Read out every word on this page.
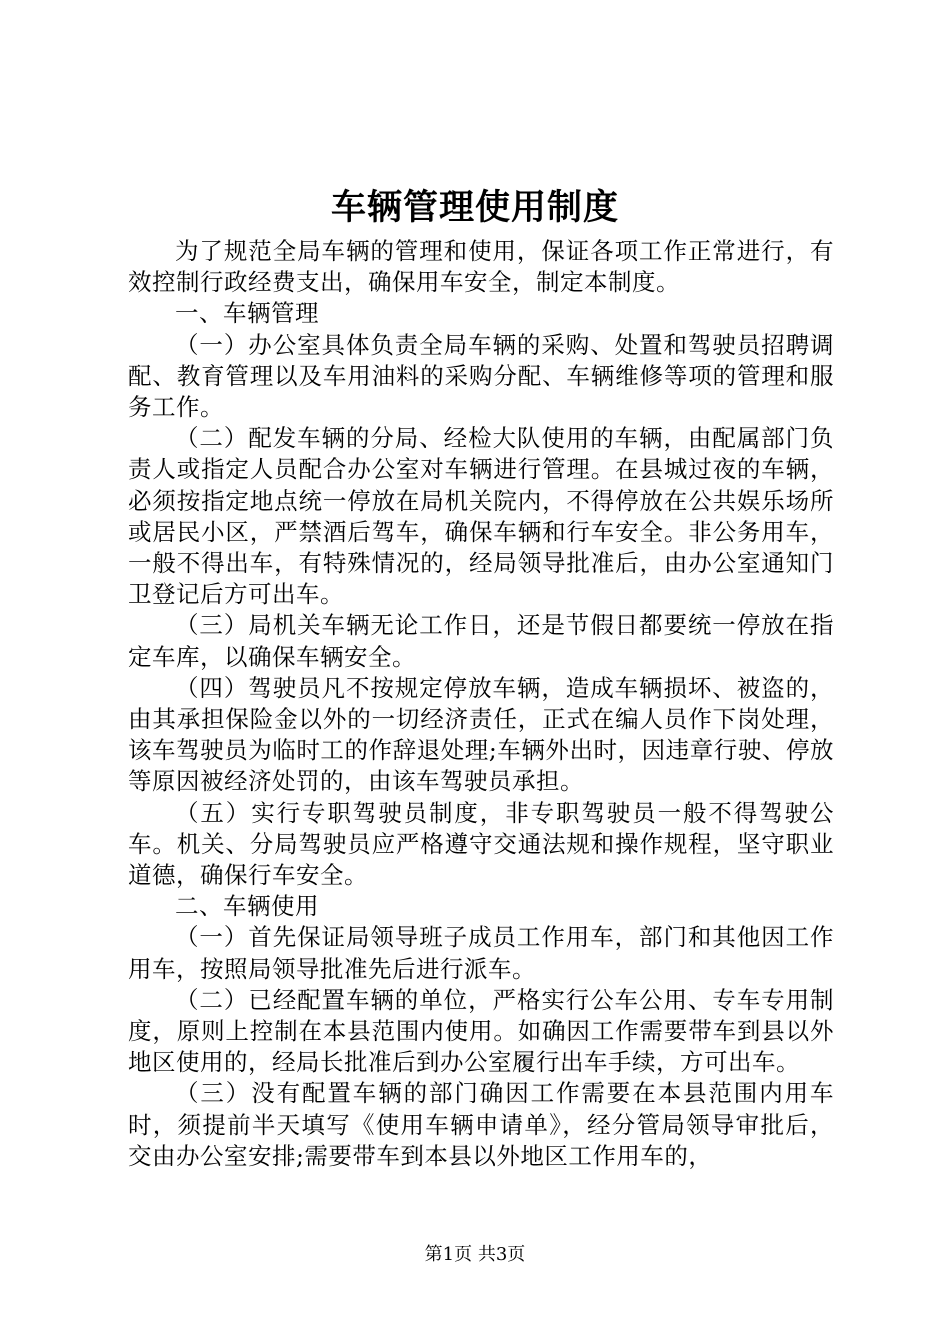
车辆管理使用制度

为了规范全局车辆的管理和使用，保证各项工作正常进行，有效控制行政经费支出，确保用车安全，制定本制度。

一、车辆管理

（一）办公室具体负责全局车辆的采购、处置和驾驶员招聘调配、教育管理以及车用油料的采购分配、车辆维修等项的管理和服务工作。

（二）配发车辆的分局、经检大队使用的车辆，由配属部门负责人或指定人员配合办公室对车辆进行管理。在县城过夜的车辆，必须按指定地点统一停放在局机关院内，不得停放在公共娱乐场所或居民小区，严禁酒后驾车，确保车辆和行车安全。非公务用车，一般不得出车，有特殊情况的，经局领导批准后，由办公室通知门卫登记后方可出车。

（三）局机关车辆无论工作日，还是节假日都要统一停放在指定车库，以确保车辆安全。

（四）驾驶员凡不按规定停放车辆，造成车辆损坏、被盗的，由其承担保险金以外的一切经济责任，正式在编人员作下岗处理，该车驾驶员为临时工的作辞退处理;车辆外出时，因违章行驶、停放等原因被经济处罚的，由该车驾驶员承担。

（五）实行专职驾驶员制度，非专职驾驶员一般不得驾驶公车。机关、分局驾驶员应严格遵守交通法规和操作规程，坚守职业道德，确保行车安全。

二、车辆使用

（一）首先保证局领导班子成员工作用车，部门和其他因工作用车，按照局领导批准先后进行派车。

（二）已经配置车辆的单位，严格实行公车公用、专车专用制度，原则上控制在本县范围内使用。如确因工作需要带车到县以外地区使用的，经局长批准后到办公室履行出车手续，方可出车。

（三）没有配置车辆的部门确因工作需要在本县范围内用车时，须提前半天填写《使用车辆申请单》，经分管局领导审批后，交由办公室安排;需要带车到本县以外地区工作用车的，

第1页 共3页
